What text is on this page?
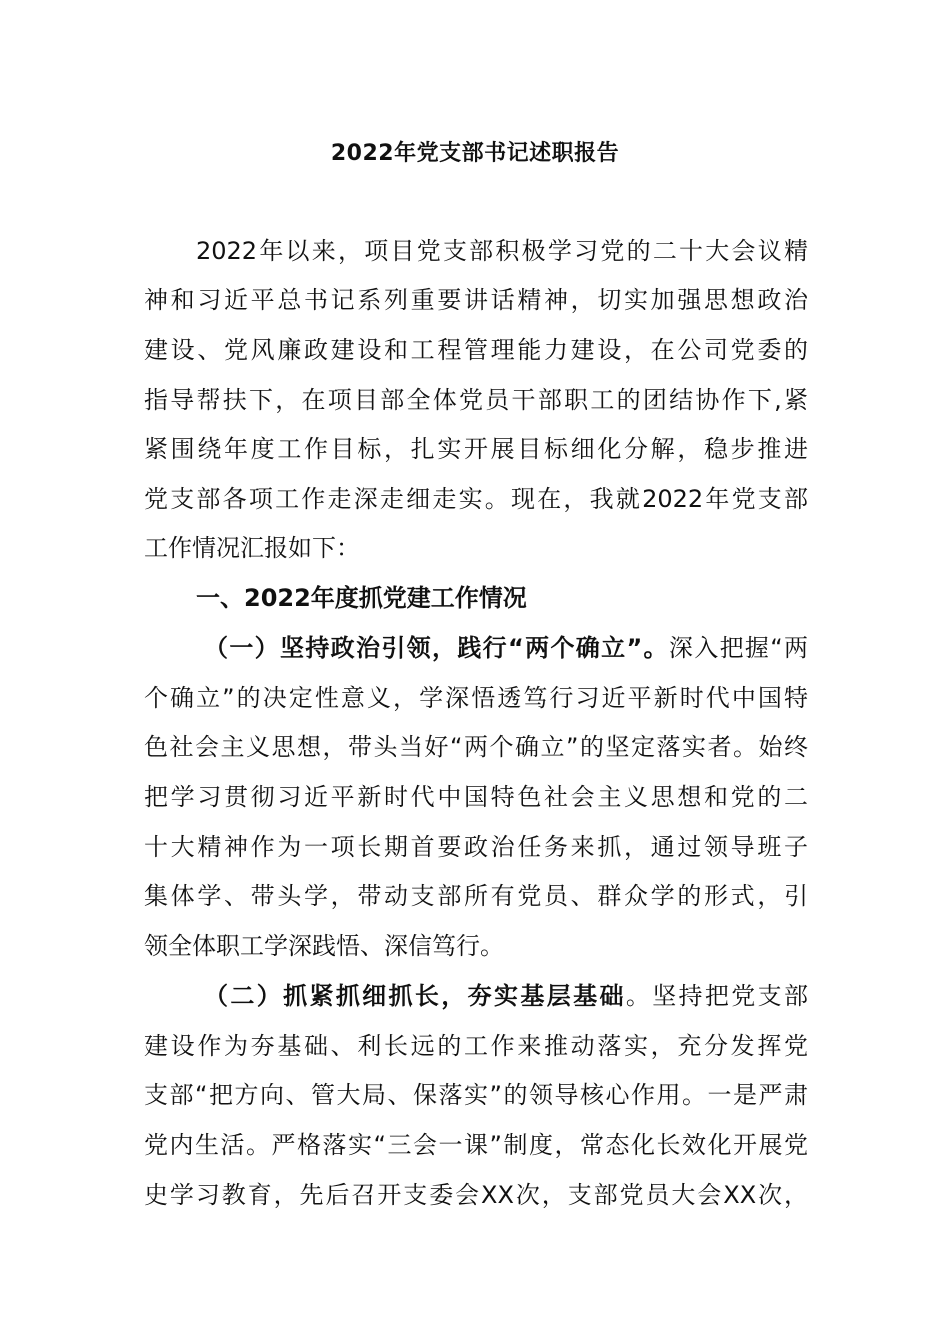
2022年党支部书记述职报告
2022年以来，项目党支部积极学习党的二十大会议精
神和习近平总书记系列重要讲话精神，切实加强思想政治
建设、党风廉政建设和工程管理能力建设，在公司党委的
指导帮扶下，在项目部全体党员干部职工的团结协作下,紧
紧围绕年度工作目标，扎实开展目标细化分解，稳步推进
党支部各项工作走深走细走实。现在，我就2022年党支部
工作情况汇报如下：
一、2022年度抓党建工作情况
（一）坚持政治引领，践行“两个确立”。深入把握“两
个确立”的决定性意义，学深悟透笃行习近平新时代中国特
色社会主义思想，带头当好“两个确立”的坚定落实者。始终
把学习贯彻习近平新时代中国特色社会主义思想和党的二
十大精神作为一项长期首要政治任务来抓，通过领导班子
集体学、带头学，带动支部所有党员、群众学的形式，引
领全体职工学深践悟、深信笃行。
（二）抓紧抓细抓长，夯实基层基础。坚持把党支部
建设作为夯基础、利长远的工作来推动落实，充分发挥党
支部“把方向、管大局、保落实”的领导核心作用。一是严肃
党内生活。严格落实“三会一课”制度，常态化长效化开展党
史学习教育，先后召开支委会XX次，支部党员大会XX次，
